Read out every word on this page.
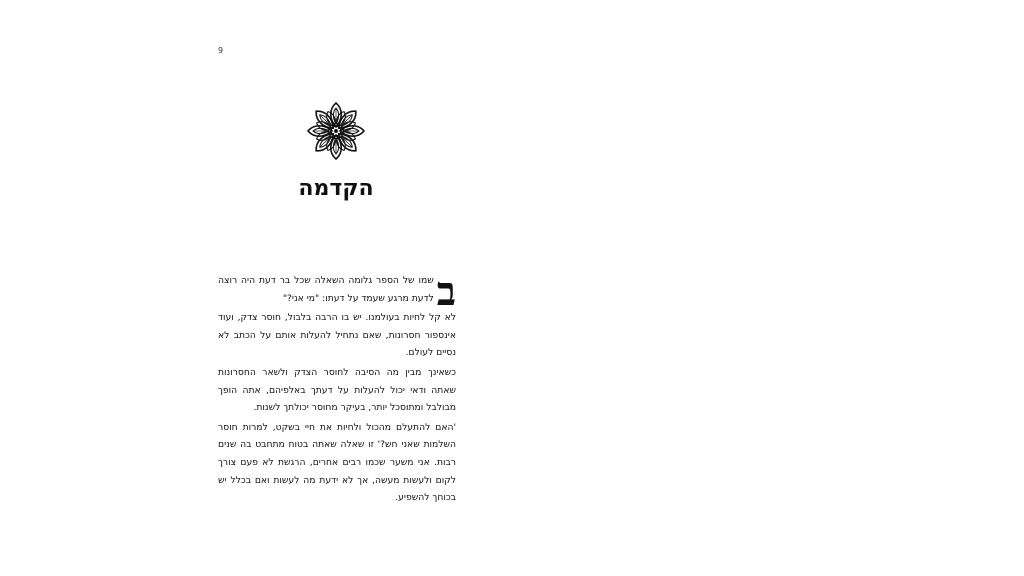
9
הקדמה
ב

שמו של הספר גלומה השאלה שכל בר דעת היה רוצה לדעת מרגע שעמד על דעתו: "מי אני?"

לא קל לחיות בעולמנו. יש בו הרבה בלבול, חוסר צדק, ועוד אינספור חסרונות, שאם נתחיל להעלות אותם על הכתב לא נסיים לעולם.

כשאינך מבין מה הסיבה לחוסר הצדק ולשאר החסרונות שאתה ודאי יכול להעלות על דעתך באלפיהם, אתה הופך מבולבל ומתוסכל יותר, בעיקר מחוסר יכולתך לשנות.

'האם להתעלם מהכול ולחיות את חיי בשקט, למרות חוסר השלמות שאני חש?' זו שאלה שאתה בטוח מתחבט בה שנים רבות. אני משער שכמו רבים אחרים, הרגשת לא פעם צורך לקום ולעשות מעשה, אך לא ידעת מה לעשות ואם בכלל יש בכוחך להשפיע.
